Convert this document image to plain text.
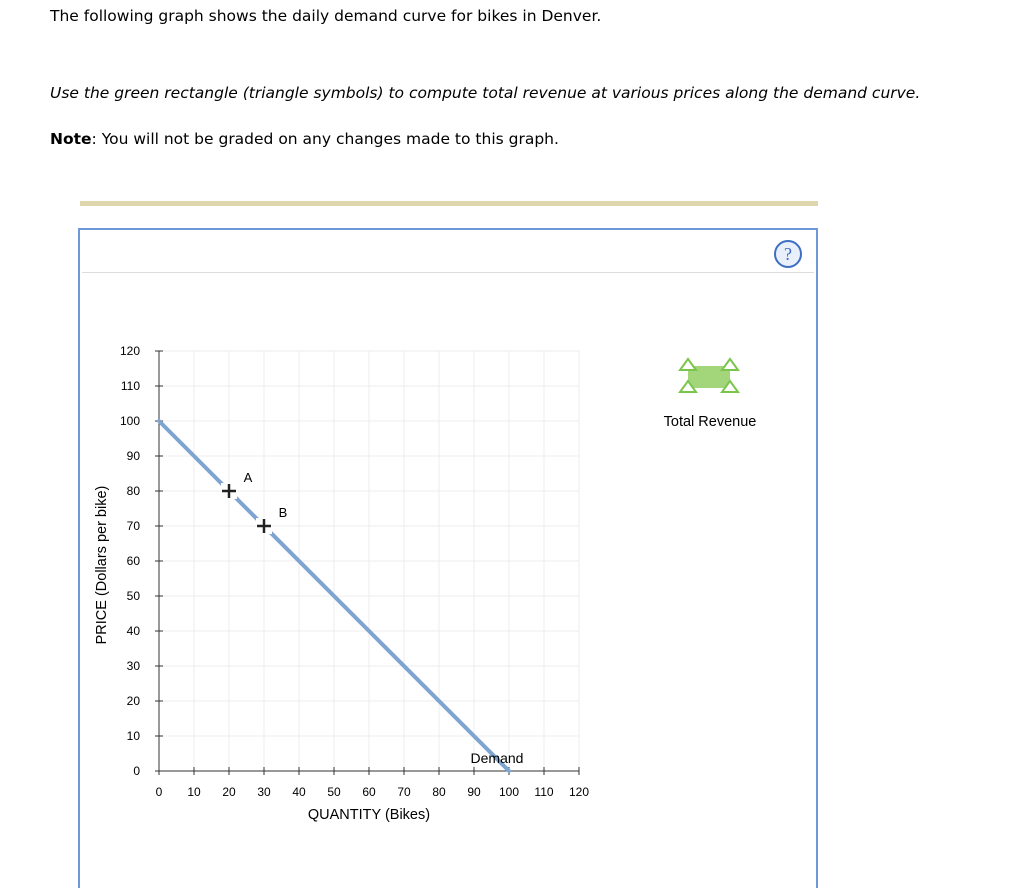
The following graph shows the daily demand curve for bikes in Denver.
Use the green rectangle (triangle symbols) to compute total revenue at various prices along the demand curve.
Note: You will not be graded on any changes made to this graph.
?
0
10
20
30
40
50
60
70
80
90
100
110
120
0 10 20 30 40 50 60 70 80 90 100 110 120
QUANTITY (Bikes)
PRICE (Dollars per bike)
Demand
A
B
Total Revenue
